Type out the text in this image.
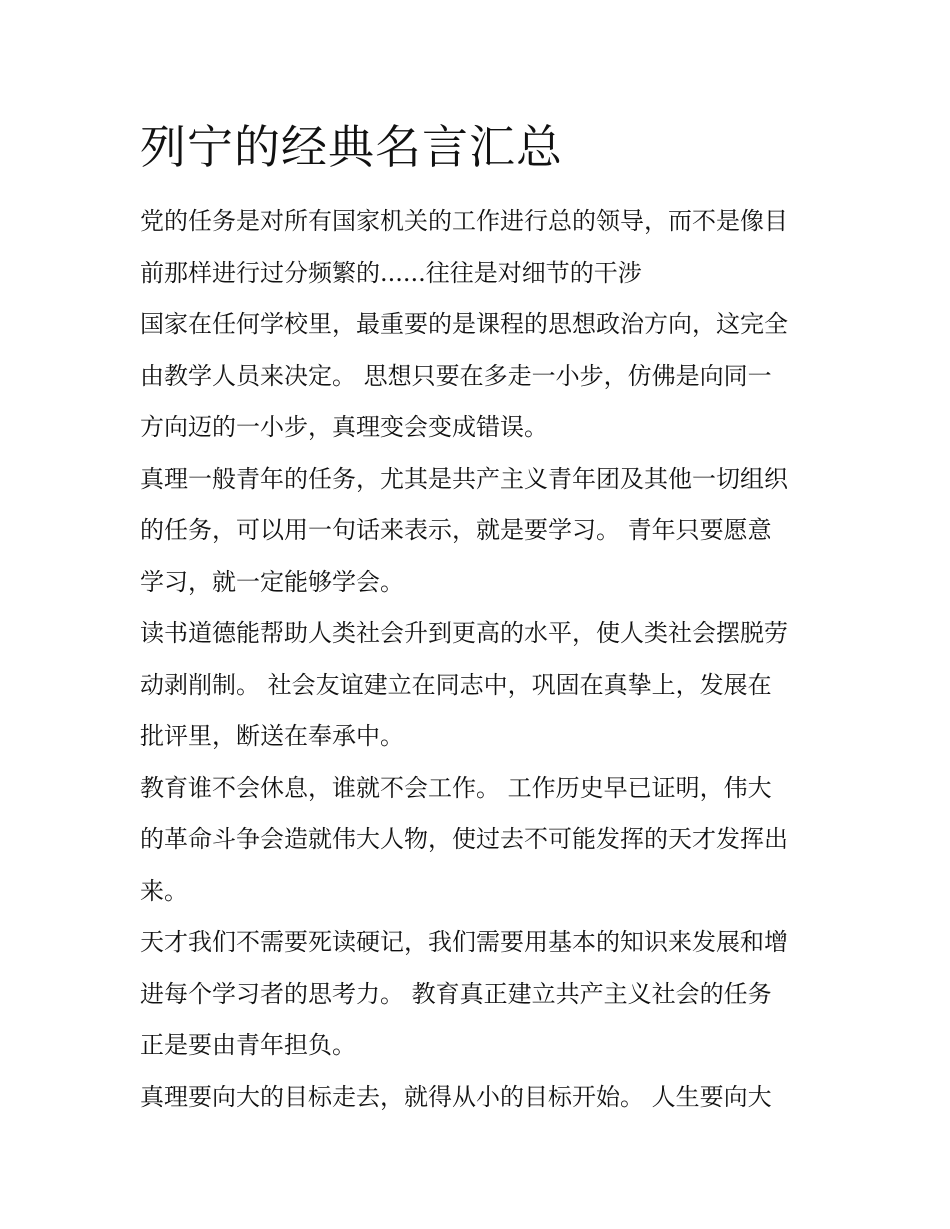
列宁的经典名言汇总

党的任务是对所有国家机关的工作进行总的领导，而不是像目
前那样进行过分频繁的......往往是对细节的干涉

国家在任何学校里，最重要的是课程的思想政治方向，这完全
由教学人员来决定。 思想只要在多走一小步，仿佛是向同一
方向迈的一小步，真理变会变成错误。

真理一般青年的任务，尤其是共产主义青年团及其他一切组织
的任务，可以用一句话来表示，就是要学习。 青年只要愿意
学习，就一定能够学会。

读书道德能帮助人类社会升到更高的水平，使人类社会摆脱劳
动剥削制。 社会友谊建立在同志中，巩固在真挚上，发展在
批评里，断送在奉承中。

教育谁不会休息，谁就不会工作。 工作历史早已证明，伟大
的革命斗争会造就伟大人物，使过去不可能发挥的天才发挥出
来。

天才我们不需要死读硬记，我们需要用基本的知识来发展和增
进每个学习者的思考力。 教育真正建立共产主义社会的任务
正是要由青年担负。

真理要向大的目标走去，就得从小的目标开始。 人生要向大
